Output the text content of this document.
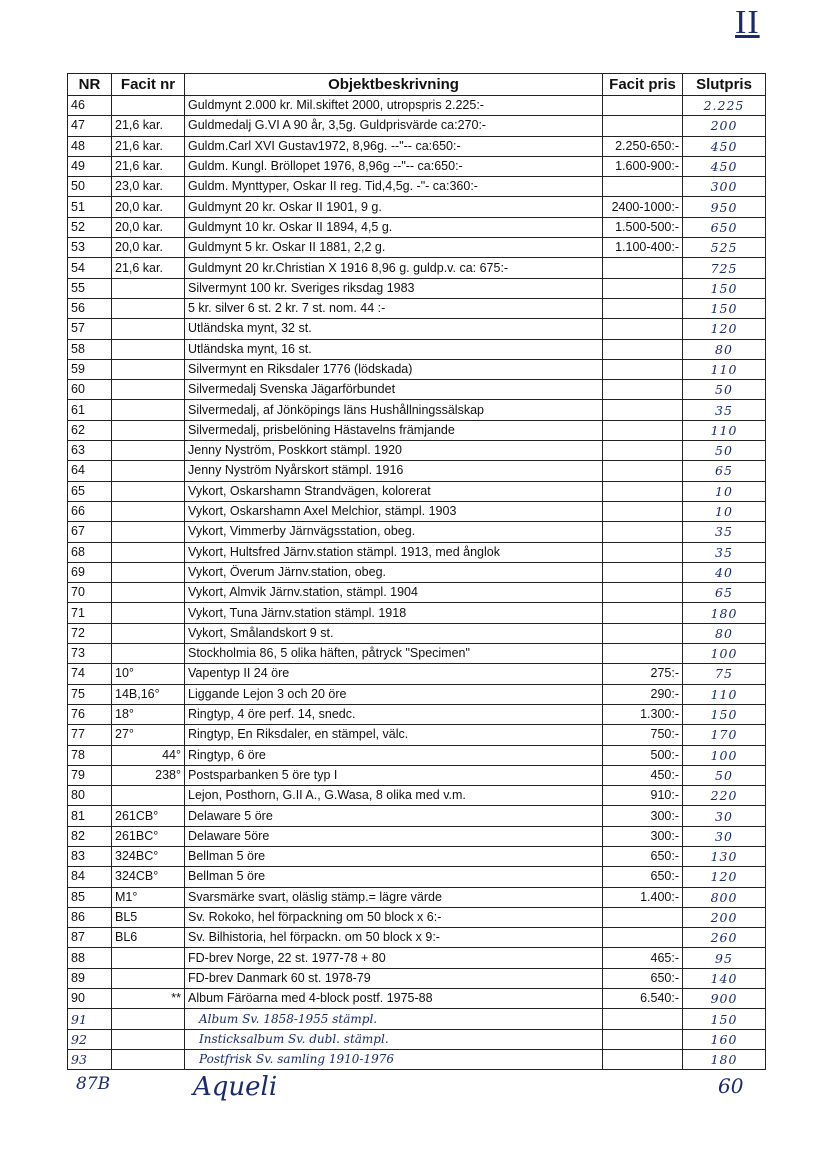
II
NR	Facit nr	Objektbeskrivning	Facit pris	Slutpris
46		Guldmynt 2.000 kr. Mil.skiftet 2000, utropspris 2.225:-		2.225
47	21,6 kar.	Guldmedalj G.VI A 90 år, 3,5g. Guldprisvärde ca:270:-		200
48	21,6 kar.	Guldm.Carl XVI Gustav1972, 8,96g. --"-- ca:650:-	2.250-650:-	450
49	21,6 kar.	Guldm. Kungl. Bröllopet 1976, 8,96g --"-- ca:650:-	1.600-900:-	450
50	23,0 kar.	Guldm. Mynttyper, Oskar II reg. Tid,4,5g. -"- ca:360:-		300
51	20,0 kar.	Guldmynt 20 kr. Oskar II 1901, 9 g.	2400-1000:-	950
52	20,0 kar.	Guldmynt 10 kr. Oskar II 1894, 4,5 g.	1.500-500:-	650
53	20,0 kar.	Guldmynt 5 kr. Oskar II 1881, 2,2 g.	1.100-400:-	525
54	21,6 kar.	Guldmynt 20 kr.Christian X 1916 8,96 g. guldp.v. ca: 675:-		725
55		Silvermynt 100 kr. Sveriges riksdag 1983		150
56		5 kr. silver 6 st. 2 kr. 7 st. nom. 44 :-		150
57		Utländska mynt, 32 st.		120
58		Utländska mynt, 16 st.		80
59		Silvermynt en Riksdaler 1776 (lödskada)		110
60		Silvermedalj Svenska Jägarförbundet		50
61		Silvermedalj, af Jönköpings läns Hushållningssälskap		35
62		Silvermedalj, prisbelöning Hästavelns främjande		110
63		Jenny Nyström, Poskkort stämpl. 1920		50
64		Jenny Nyström Nyårskort stämpl. 1916		65
65		Vykort, Oskarshamn Strandvägen, kolorerat		10
66		Vykort, Oskarshamn Axel Melchior, stämpl. 1903		10
67		Vykort, Vimmerby Järnvägsstation, obeg.		35
68		Vykort, Hultsfred Järnv.station stämpl. 1913, med ånglok		35
69		Vykort, Överum Järnv.station, obeg.		40
70		Vykort, Almvik Järnv.station, stämpl. 1904		65
71		Vykort, Tuna Järnv.station stämpl. 1918		180
72		Vykort, Smålandskort 9 st.		80
73		Stockholmia 86, 5 olika häften, påtryck "Specimen"		100
74	10°	Vapentyp II 24 öre	275:-	75
75	14B,16°	Liggande Lejon 3 och 20 öre	290:-	110
76	18°	Ringtyp, 4 öre perf. 14, snedc.	1.300:-	150
77	27°	Ringtyp, En Riksdaler, en stämpel, välc.	750:-	170
78	44°	Ringtyp, 6 öre	500:-	100
79	238°	Postsparbanken 5 öre typ I	450:-	50
80		Lejon, Posthorn, G.II A., G.Wasa, 8 olika med v.m.	910:-	220
81	261CB°	Delaware 5 öre	300:-	30
82	261BC°	Delaware 5öre	300:-	30
83	324BC°	Bellman 5 öre	650:-	130
84	324CB°	Bellman 5 öre	650:-	120
85	M1°	Svarsmärke svart, oläslig stämp.= lägre värde	1.400:-	800
86	BL5	Sv. Rokoko, hel förpackning om 50 block x 6:-		200
87	BL6	Sv. Bilhistoria, hel förpackn. om 50 block x 9:-		260
88		FD-brev Norge, 22 st. 1977-78 + 80	465:-	95
89		FD-brev Danmark 60 st. 1978-79	650:-	140
90	**	Album Färöarna med 4-block postf. 1975-88	6.540:-	900
91		Album Sv. 1858-1955 stämpl.		150
92		Insticksalbum Sv. dubl. stämpl.		160
93		Postfrisk Sv. samling 1910-1976		180
87B	Aqueli	60
